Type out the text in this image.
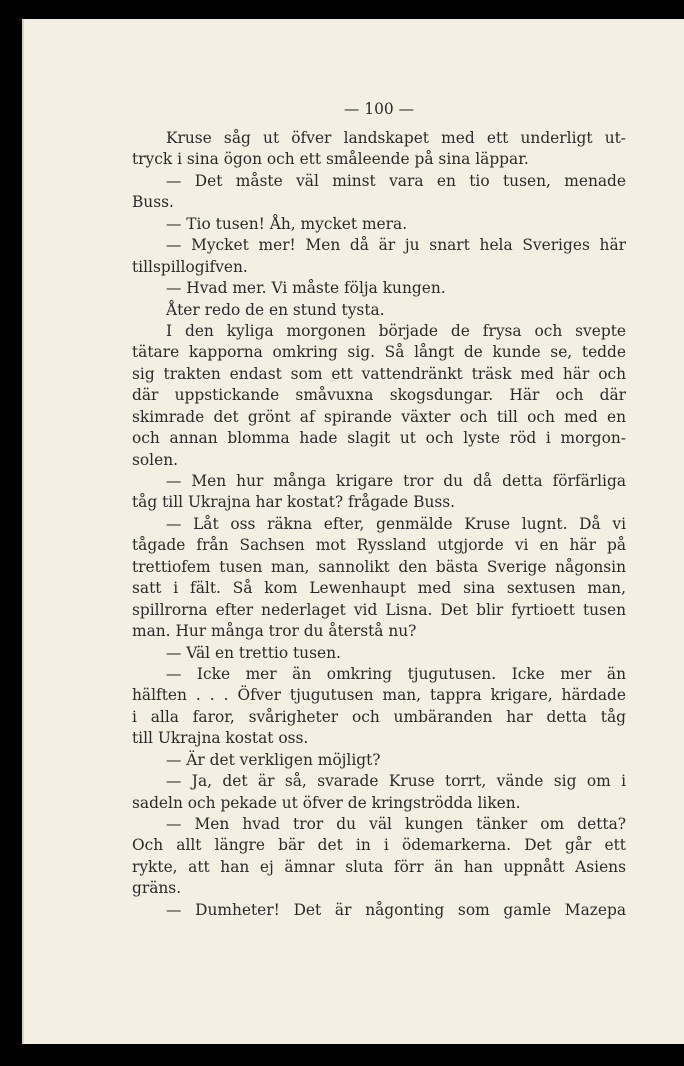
— 100 —
Kruse såg ut öfver landskapet med ett underligt ut-
tryck i sina ögon och ett småleende på sina läppar.
— Det måste väl minst vara en tio tusen, menade
Buss.
— Tio tusen! Åh, mycket mera.
— Mycket mer! Men då är ju snart hela Sveriges här
tillspillogifven.
— Hvad mer. Vi måste följa kungen.
Åter redo de en stund tysta.
I den kyliga morgonen började de frysa och svepte
tätare kapporna omkring sig. Så långt de kunde se, tedde
sig trakten endast som ett vattendränkt träsk med här och
där uppstickande småvuxna skogsdungar. Här och där
skimrade det grönt af spirande växter och till och med en
och annan blomma hade slagit ut och lyste röd i morgon-
solen.
— Men hur många krigare tror du då detta förfärliga
tåg till Ukrajna har kostat? frågade Buss.
— Låt oss räkna efter, genmälde Kruse lugnt. Då vi
tågade från Sachsen mot Ryssland utgjorde vi en här på
trettiofem tusen man, sannolikt den bästa Sverige någonsin
satt i fält. Så kom Lewenhaupt med sina sextusen man,
spillrorna efter nederlaget vid Lisna. Det blir fyrtioett tusen
man. Hur många tror du återstå nu?
— Väl en trettio tusen.
— Icke mer än omkring tjugutusen. Icke mer än
hälften . . . Öfver tjugutusen man, tappra krigare, härdade
i alla faror, svårigheter och umbäranden har detta tåg
till Ukrajna kostat oss.
— Är det verkligen möjligt?
— Ja, det är så, svarade Kruse torrt, vände sig om i
sadeln och pekade ut öfver de kringströdda liken.
— Men hvad tror du väl kungen tänker om detta?
Och allt längre bär det in i ödemarkerna. Det går ett
rykte, att han ej ämnar sluta förr än han uppnått Asiens
gräns.
— Dumheter! Det är någonting som gamle Mazepa
